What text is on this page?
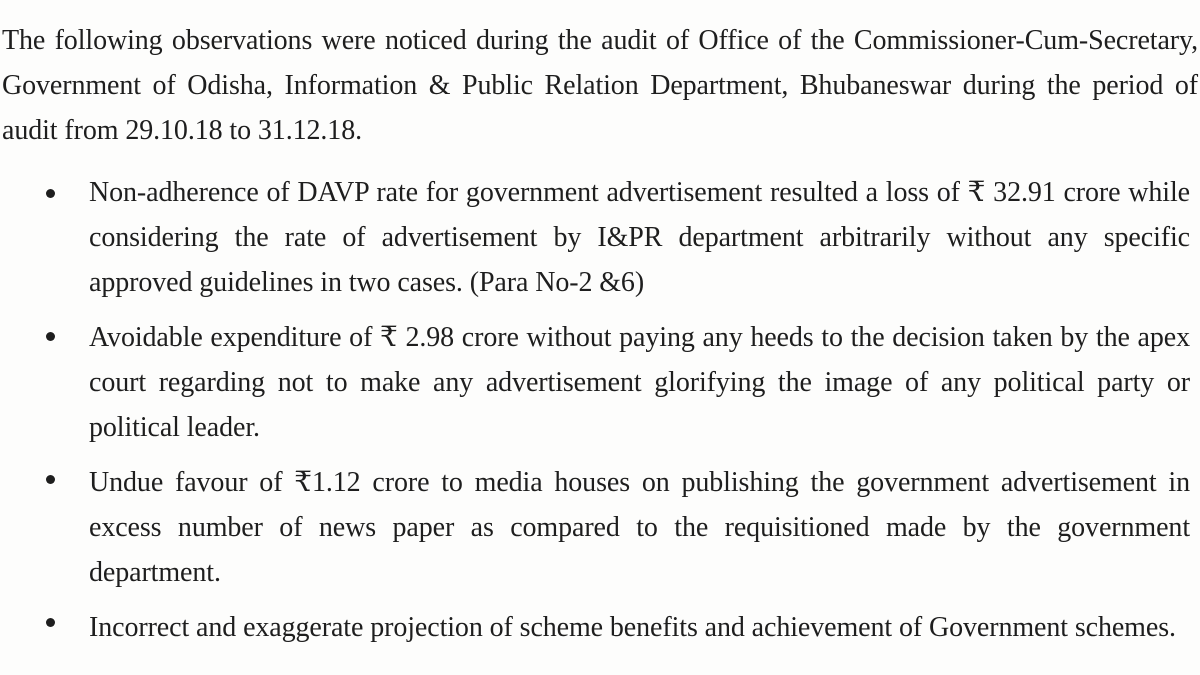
The following observations were noticed during the audit of Office of the Commissioner-Cum-Secretary, Government of Odisha, Information & Public Relation Department, Bhubaneswar during the period of audit from 29.10.18 to 31.12.18.

Non-adherence of DAVP rate for government advertisement resulted a loss of ₹ 32.91 crore while considering the rate of advertisement by I&PR department arbitrarily without any specific approved guidelines in two cases. (Para No-2 &6)
Avoidable expenditure of ₹ 2.98 crore without paying any heeds to the decision taken by the apex court regarding not to make any advertisement glorifying the image of any political party or political leader.
Undue favour of ₹1.12 crore to media houses on publishing the government advertisement in excess number of news paper as compared to the requisitioned made by the government department.
Incorrect and exaggerate projection of scheme benefits and achievement of Government schemes.
